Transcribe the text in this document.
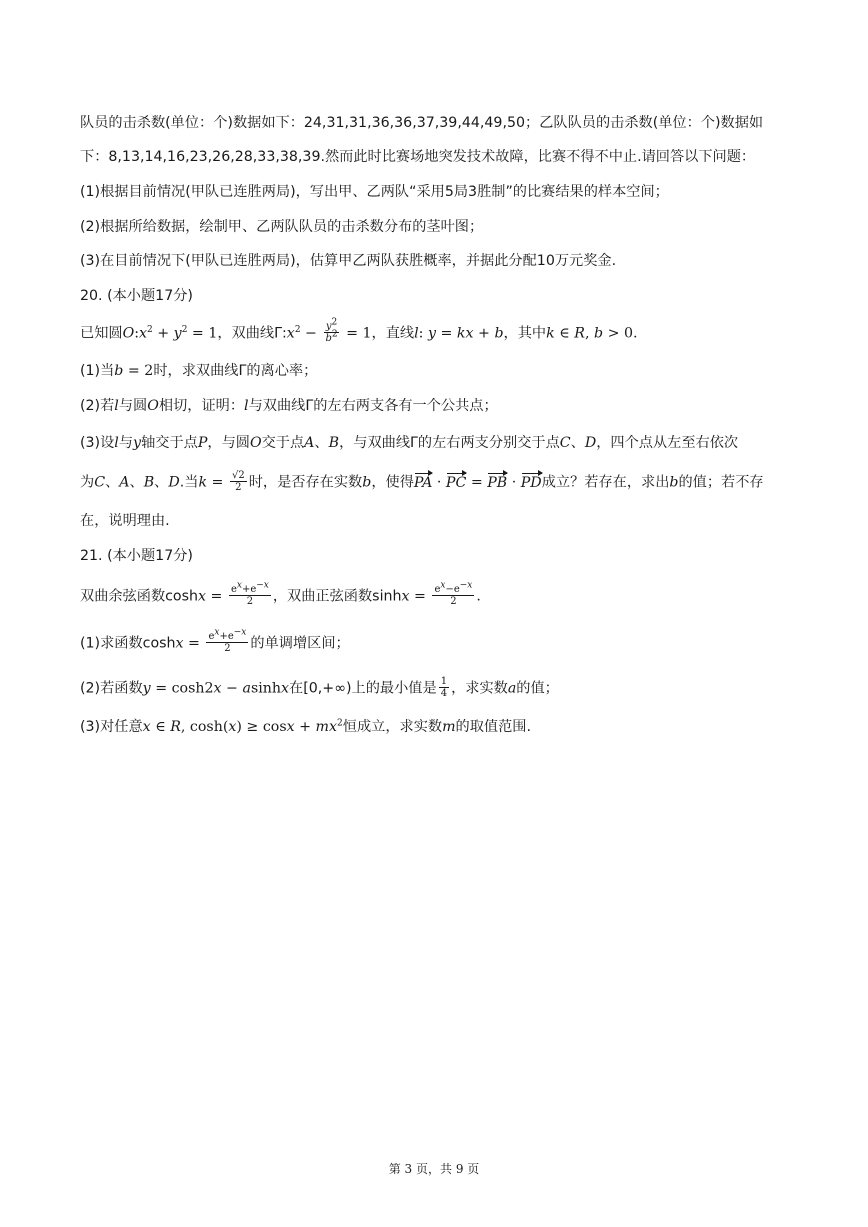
队员的击杀数(单位：个)数据如下：24,31,31,36,36,37,39,44,49,50；乙队队员的击杀数(单位：个)数据如
下：8,13,14,16,23,26,28,33,38,39.然而此时比赛场地突发技术故障，比赛不得不中止.请回答以下问题：
(1)根据目前情况(甲队已连胜两局)，写出甲、乙两队“采用5局3胜制”的比赛结果的样本空间；
(2)根据所给数据，绘制甲、乙两队队员的击杀数分布的茎叶图；
(3)在目前情况下(甲队已连胜两局)，估算甲乙两队获胜概率，并据此分配10万元奖金.
20. (本小题17分)
已知圆$O:x^2 + y^2 = 1$，双曲线$\Gamma:x^2 - \frac{y^2}{b^2} = 1$，直线l: y = kx + b，其中k ∈ R, b > 0.
(1)当b = 2时，求双曲线Γ的离心率；
(2)若l与圆O相切，证明：l与双曲线Γ的左右两支各有一个公共点；
(3)设l与y轴交于点P，与圆O交于点A、B，与双曲线Γ的左右两支分别交于点C、D，四个点从左至右依次
为C、A、B、D.当$k = \frac{√2}{2}$ 时，是否存在实数b，使得PA · PC = PB · PD成立？若存在，求出b的值；若不存
在，说明理由.
21. (本小题17分)
双曲余弦函数$\cosh x = \frac{e^x+e^{-x}}{2}$ ，双曲正弦函数$\sinh x = \frac{e^x-e^{-x}}{2}$ .
(1)求函数$\cosh x = \frac{e^x+e^{-x}}{2}$ 的单调增区间；
(2)若函数y = cosh2x − asinhx在[0,+∞)上的最小值是 $\frac{1}{4}$ ，求实数a的值；
(3)对任意x ∈ R, $\cosh(x) \ge \cos x + mx^2$恒成立，求实数m的取值范围.
第 3 页，共 9 页
